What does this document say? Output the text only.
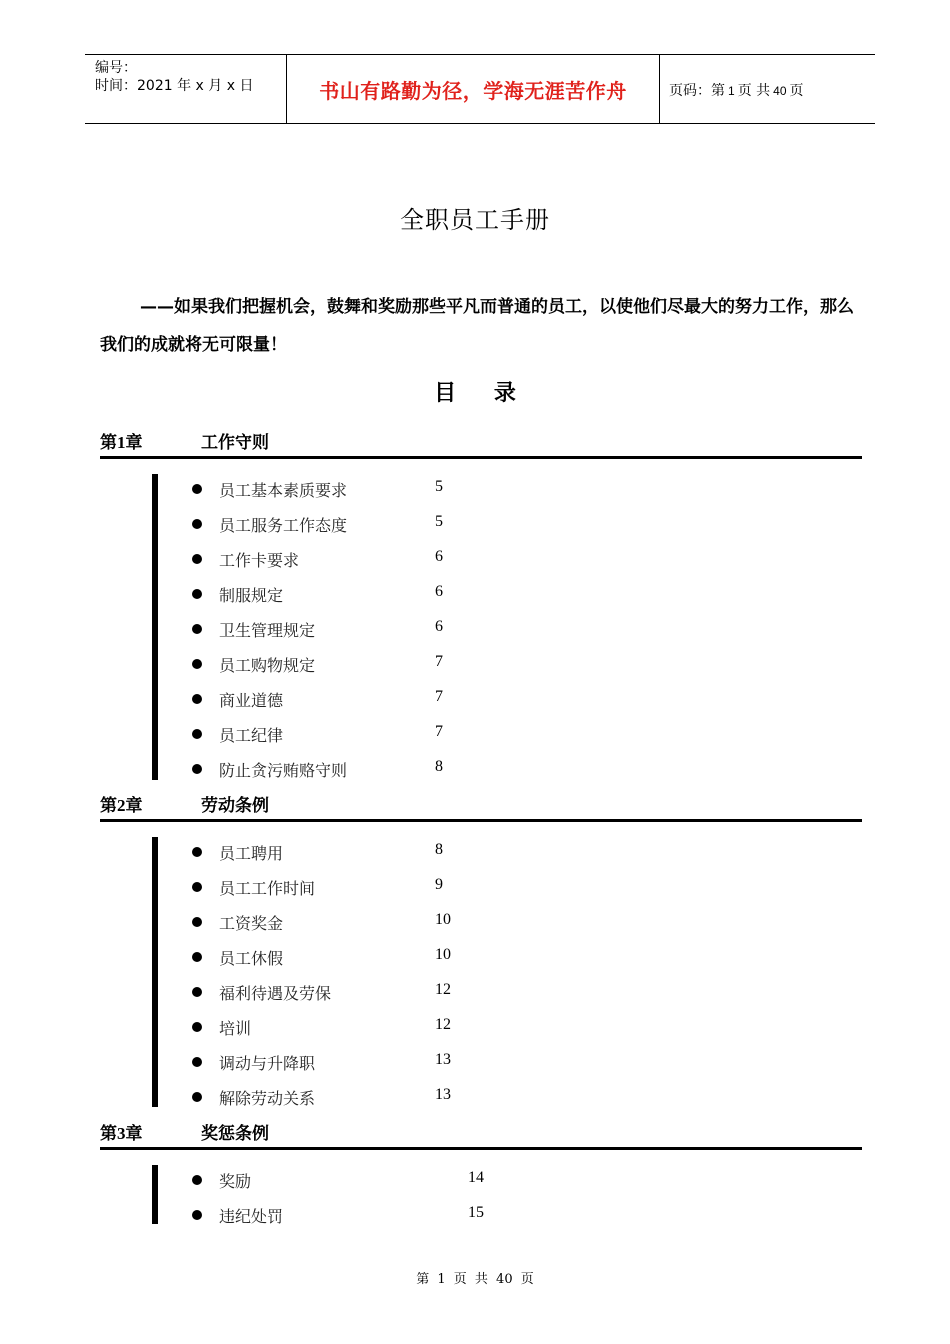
编号：
时间：2021 年 x 月 x 日	书山有路勤为径，学海无涯苦作舟	页码：第 1 页 共 40 页
全职员工手册
——如果我们把握机会，鼓舞和奖励那些平凡而普通的员工，以使他们尽最大的努力工作，那么我们的成就将无可限量！
目 录
第1章	工作守则
员工基本素质要求	5
员工服务工作态度	5
工作卡要求	6
制服规定	6
卫生管理规定	6
员工购物规定	7
商业道德	7
员工纪律	7
防止贪污贿赂守则	8
第2章	劳动条例
员工聘用	8
员工工作时间	9
工资奖金	10
员工休假	10
福利待遇及劳保	12
培训	12
调动与升降职	13
解除劳动关系	13
第3章	奖惩条例
奖励	14
违纪处罚	15
第 1 页 共 40 页
